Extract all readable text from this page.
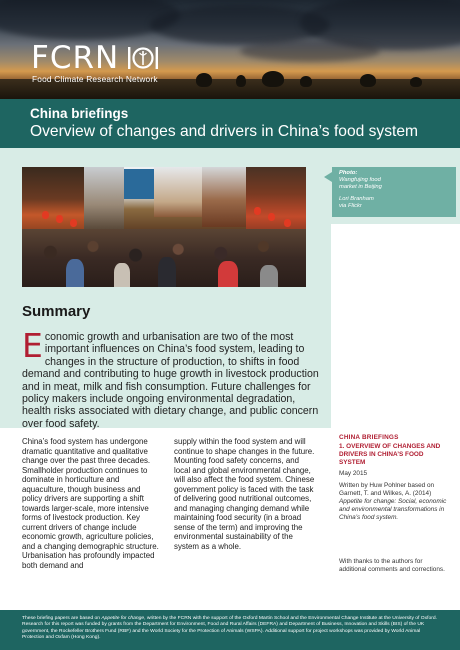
FCRN
Food Climate Research Network
China briefings
Overview of changes and drivers in China’s food system
Photo:
Wangfujing food
market in Beijing
Lori Branham
via Flickr
Summary
E conomic growth and urbanisation are two of the most important influences on China’s food system, leading to changes in the structure of production, to shifts in food demand and contributing to huge growth in livestock production and in meat, milk and fish consumption. Future challenges for policy makers include ongoing environmental degradation, health risks associated with dietary change, and public concern over food safety.
China’s food system has undergone dramatic quantitative and qualitative change over the past three decades. Smallholder production continues to dominate in horticulture and aquaculture, though business and policy drivers are supporting a shift towards larger-scale, more intensive forms of livestock production. Key current drivers of change include economic growth, agriculture policies, and a changing demographic structure. Urbanisation has profoundly impacted both demand and
supply within the food system and will continue to shape changes in the future. Mounting food safety concerns, and local and global environmental change, will also affect the food system. Chinese government policy is faced with the task of delivering good nutritional outcomes, and managing changing demand while maintaining food security (in a broad sense of the term) and improving the environmental sustainability of the system as a whole.
CHINA BRIEFINGS
1. OVERVIEW OF CHANGES AND DRIVERS IN CHINA’S FOOD SYSTEM
May 2015
Written by Huw Pohlner based on Garnett, T. and Wilkes, A. (2014) Appetite for change: Social, economic and environmental transformations in China’s food system.
With thanks to the authors for additional comments and corrections.
These briefing papers are based on Appetite for change, written by the FCRN with the support of the Oxford Martin School and the Environmental Change Institute at the University of Oxford. Research for this report was funded by grants from the Department for Environment, Food and Rural Affairs (DEFRA) and Department of Business, Innovation and Skills (BIS) of the UK government, the Rockefeller Brothers Fund (RBF) and the World Society for the Protection of Animals (WSPA). Additional support for project workshops was provided by World Animal Protection and Oxfam (Hong Kong).
